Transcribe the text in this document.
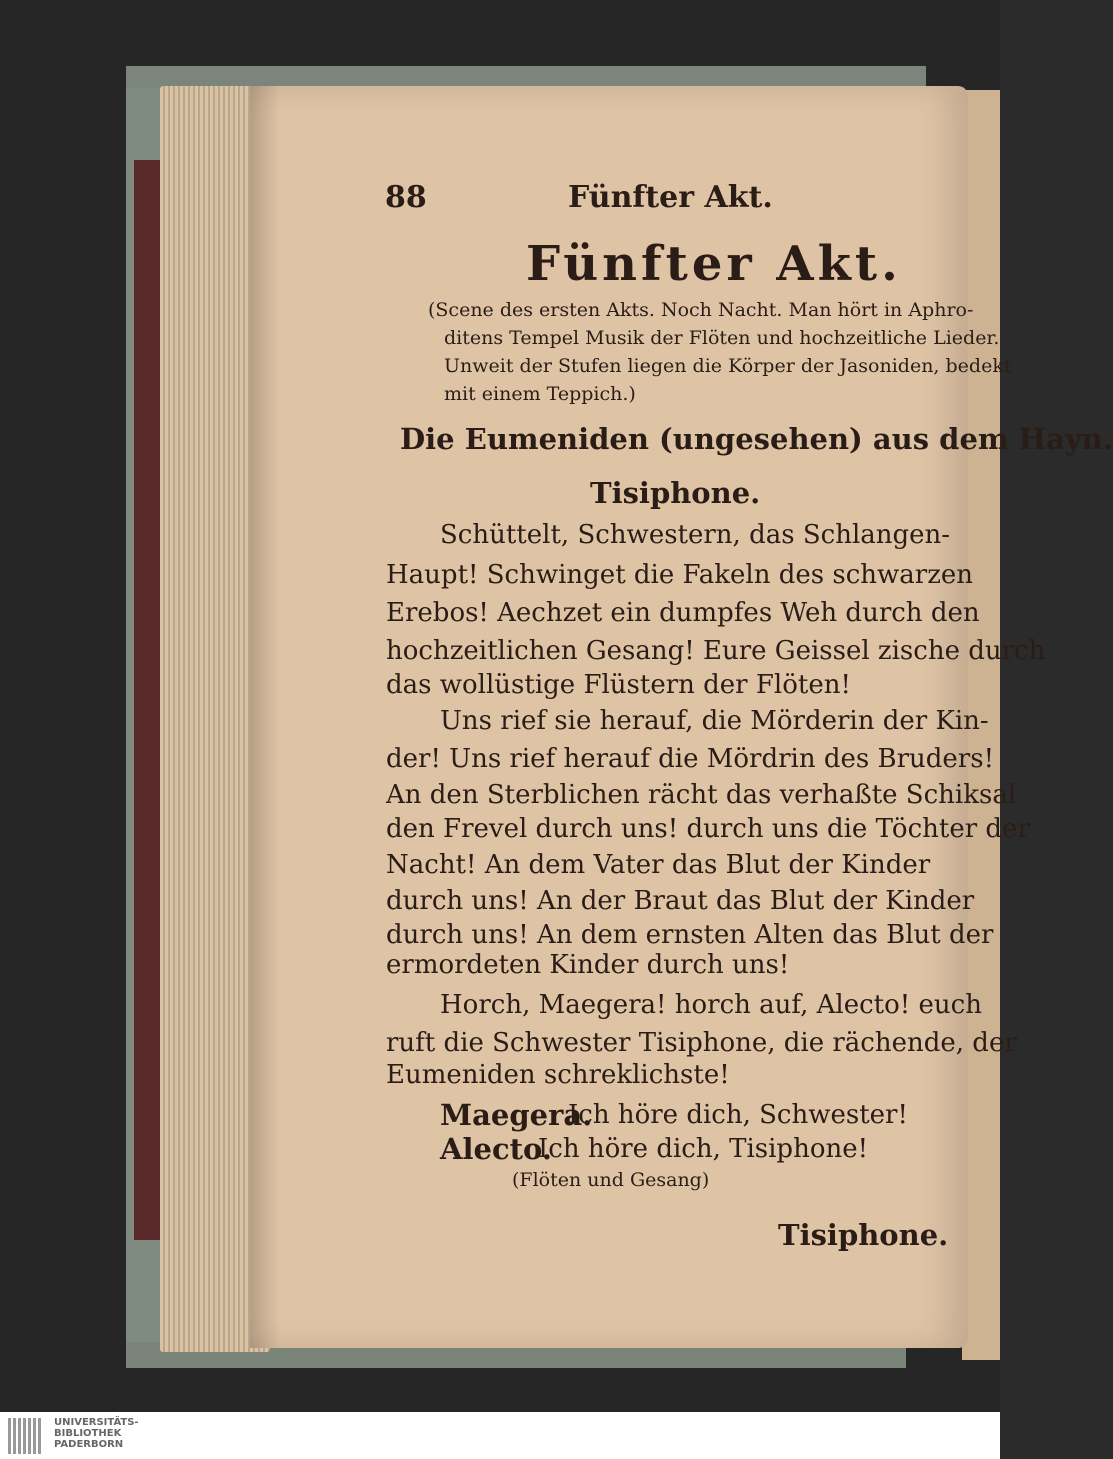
88	Fünfter Akt.
Fünfter Akt.
(Scene des ersten Akts. Noch Nacht. Man hört in Aphro-
ditens Tempel Musik der Flöten und hochzeitliche Lieder.
Unweit der Stufen liegen die Körper der Jasoniden, bedekt
mit einem Teppich.)
Die Eumeniden (ungesehen) aus dem Hayn.
Tisiphone.
Schüttelt, Schwestern, das Schlangen-
Haupt! Schwinget die Fakeln des schwarzen
Erebos! Aechzet ein dumpfes Weh durch den
hochzeitlichen Gesang! Eure Geissel zische durch
das wollüstige Flüstern der Flöten!
Uns rief sie herauf, die Mörderin der Kin-
der! Uns rief herauf die Mördrin des Bruders!
An den Sterblichen rächt das verhaßte Schiksal
den Frevel durch uns! durch uns die Töchter der
Nacht! An dem Vater das Blut der Kinder
durch uns! An der Braut das Blut der Kinder
durch uns! An dem ernsten Alten das Blut der
ermordeten Kinder durch uns!
Horch, Maegera! horch auf, Alecto! euch
ruft die Schwester Tisiphone, die rächende, der
Eumeniden schreklichste!
Maegera.
Ich höre dich, Schwester!
Alecto.
Ich höre dich, Tisiphone!
(Flöten und Gesang)
Tisiphone.
UNIVERSITÄTS-
BIBLIOTHEK
PADERBORN
